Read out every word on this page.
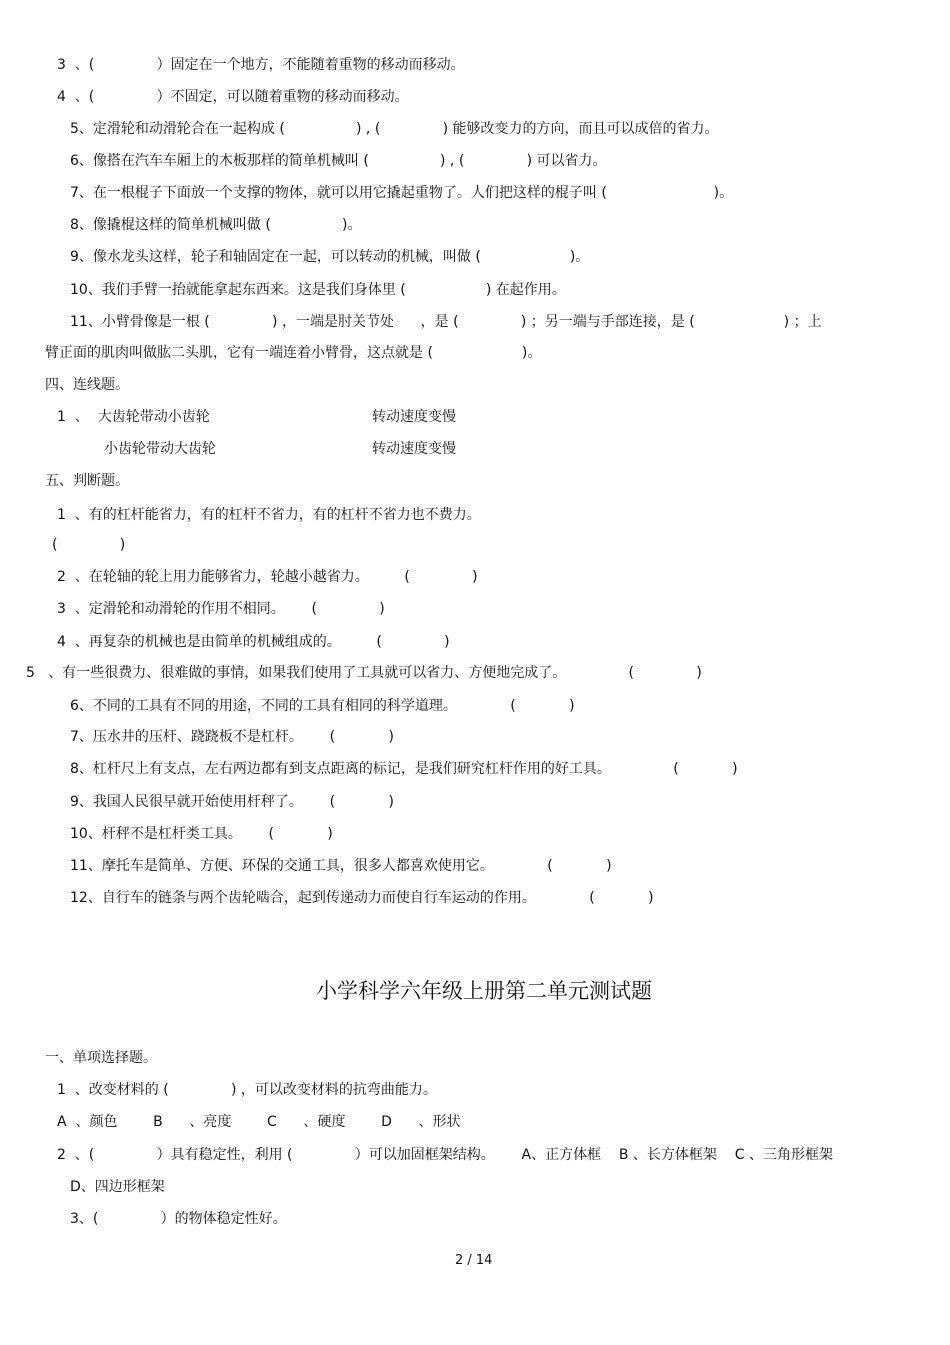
3  、(              ）固定在一个地方，不能随着重物的移动而移动。
4  、(              ）不固定，可以随着重物的移动而移动。
5、定滑轮和动滑轮合在一起构成 (                ) , (              ) 能够改变力的方向，而且可以成倍的省力。
6、像搭在汽车车厢上的木板那样的简单机械叫 (                ) , (              ) 可以省力。
7、在一根棍子下面放一个支撑的物体，就可以用它撬起重物了。人们把这样的棍子叫 (                        )。
8、像撬棍这样的简单机械叫做 (                )。
9、像水龙头这样，轮子和轴固定在一起，可以转动的机械，叫做 (                    )。
10、我们手臂一抬就能拿起东西来。这是我们身体里 (                  ) 在起作用。
11、小臂骨像是一根 (              ) ，一端是肘关节处      ，是 (              ) ；另一端与手部连接，是 (                    ) ；上
臂正面的肌肉叫做肱二头肌，它有一端连着小臂骨，这点就是 (                    )。
四、连线题。
1  、  大齿轮带动小齿轮	转动速度变慢
小齿轮带动大齿轮	转动速度变慢
五、判断题。
1  、有的杠杆能省力，有的杠杆不省力，有的杠杆不省力也不费力。
(              )
2  、在轮轴的轮上用力能够省力，轮越小越省力。        (              )
3  、定滑轮和动滑轮的作用不相同。      (              )
4  、再复杂的机械也是由简单的机械组成的。        (              )
5   、有一些很费力、很难做的事情，如果我们使用了工具就可以省力、方便地完成了。              (              )
6、不同的工具有不同的用途，不同的工具有相同的科学道理。            (            )
7、压水井的压杆、跷跷板不是杠杆。      (            )
8、杠杆尺上有支点，左右两边都有到支点距离的标记，是我们研究杠杆作用的好工具。              (            )
9、我国人民很早就开始使用杆秤了。      (            )
10、杆秤不是杠杆类工具。      (            )
11、摩托车是简单、方便、环保的交通工具，很多人都喜欢使用它。            (            )
12、自行车的链条与两个齿轮啮合，起到传递动力而使自行车运动的作用。            (            )
小学科学六年级上册第二单元测试题
一、单项选择题。
1  、改变材料的 (              ) ，可以改变材料的抗弯曲能力。
A  、颜色        B      、亮度        C      、硬度        D      、形状
2  、(              ）具有稳定性，利用 (              ）可以加固框架结构。      A、正方体框    B 、长方体框架    C 、三角形框架
D、四边形框架
3、(              ）的物体稳定性好。
2 / 14
